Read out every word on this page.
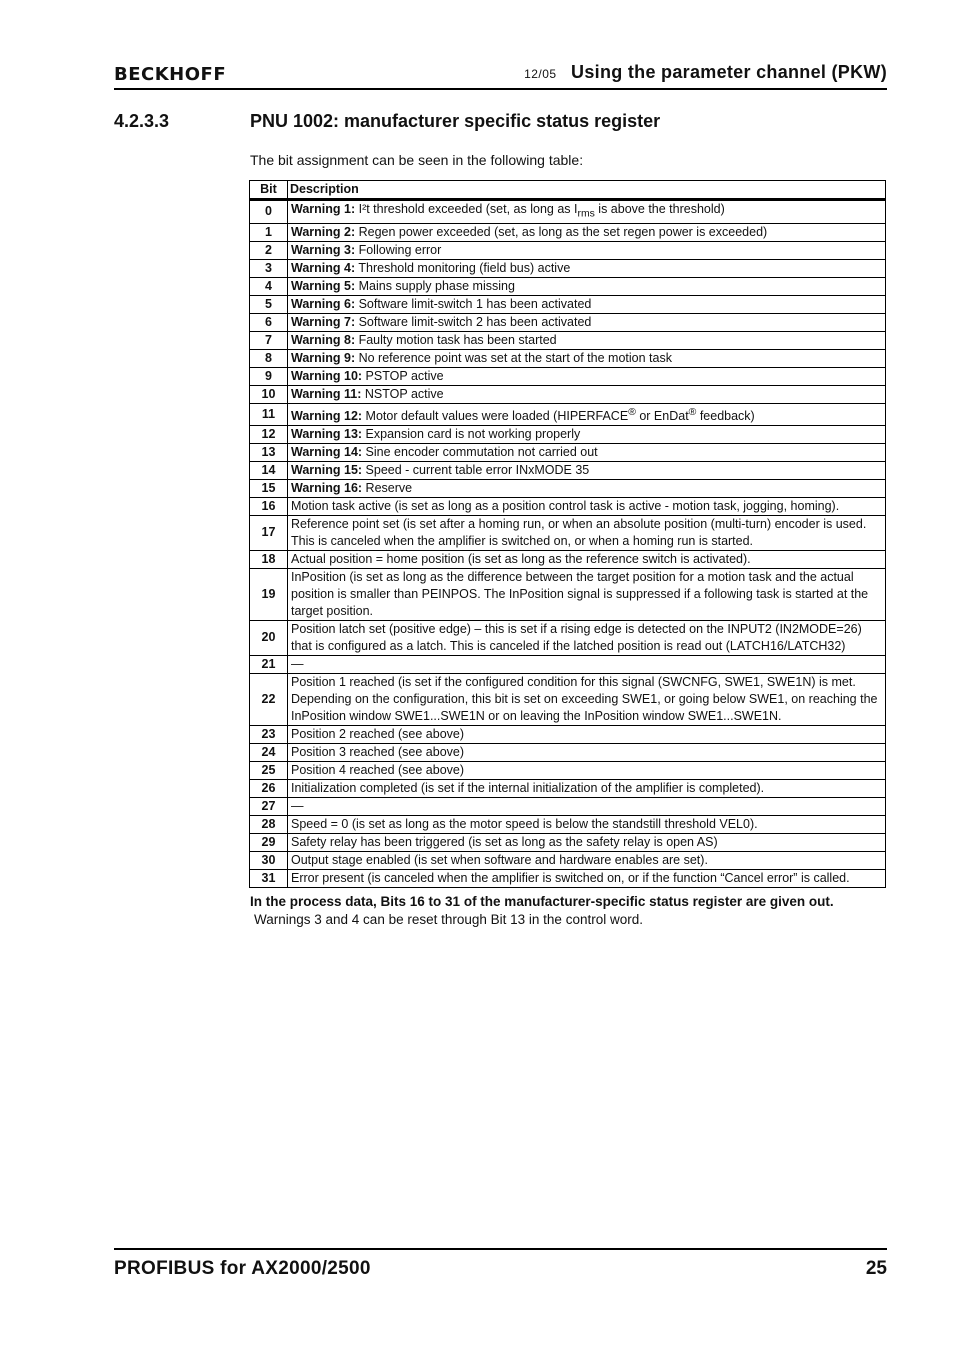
BECKHOFF	12/05 Using the parameter channel (PKW)
4.2.3.3	PNU 1002: manufacturer specific status register
The bit assignment can be seen in the following table:
Bit	Description
0	Warning 1: I²t threshold exceeded (set, as long as $I_{rms}$ is above the threshold)
1	Warning 2: Regen power exceeded (set, as long as the set regen power is exceeded)
2	Warning 3: Following error
3	Warning 4: Threshold monitoring (field bus) active
4	Warning 5: Mains supply phase missing
5	Warning 6: Software limit-switch 1 has been activated
6	Warning 7: Software limit-switch 2 has been activated
7	Warning 8: Faulty motion task has been started
8	Warning 9: No reference point was set at the start of the motion task
9	Warning 10: PSTOP active
10	Warning 11: NSTOP active
11	Warning 12: Motor default values were loaded (HIPERFACE® or EnDat® feedback)
12	Warning 13: Expansion card is not working properly
13	Warning 14: Sine encoder commutation not carried out
14	Warning 15: Speed - current table error INxMODE 35
15	Warning 16: Reserve
16	Motion task active (is set as long as a position control task is active - motion task, jogging, homing).
17	Reference point set (is set after a homing run, or when an absolute position (multi-turn) encoder is used. This is canceled when the amplifier is switched on, or when a homing run is started.
18	Actual position = home position (is set as long as the reference switch is activated).
19	InPosition (is set as long as the difference between the target position for a motion task and the actual position is smaller than PEINPOS. The InPosition signal is suppressed if a following task is started at the target position.
20	Position latch set (positive edge) – this is set if a rising edge is detected on the INPUT2 (IN2MODE=26) that is configured as a latch. This is canceled if the latched position is read out (LATCH16/LATCH32)
21	—
22	Position 1 reached (is set if the configured condition for this signal (SWCNFG, SWE1, SWE1N) is met. Depending on the configuration, this bit is set on exceeding SWE1, or going below SWE1, on reaching the InPosition window SWE1...SWE1N or on leaving the InPosition window SWE1...SWE1N.
23	Position 2 reached (see above)
24	Position 3 reached (see above)
25	Position 4 reached (see above)
26	Initialization completed (is set if the internal initialization of the amplifier is completed).
27	—
28	Speed = 0 (is set as long as the motor speed is below the standstill threshold VEL0).
29	Safety relay has been triggered (is set as long as the safety relay is open AS)
30	Output stage enabled (is set when software and hardware enables are set).
31	Error present (is canceled when the amplifier is switched on, or if the function “Cancel error” is called.
In the process data, Bits 16 to 31 of the manufacturer-specific status register are given out.
Warnings 3 and 4 can be reset through Bit 13 in the control word.
PROFIBUS for AX2000/2500	25
